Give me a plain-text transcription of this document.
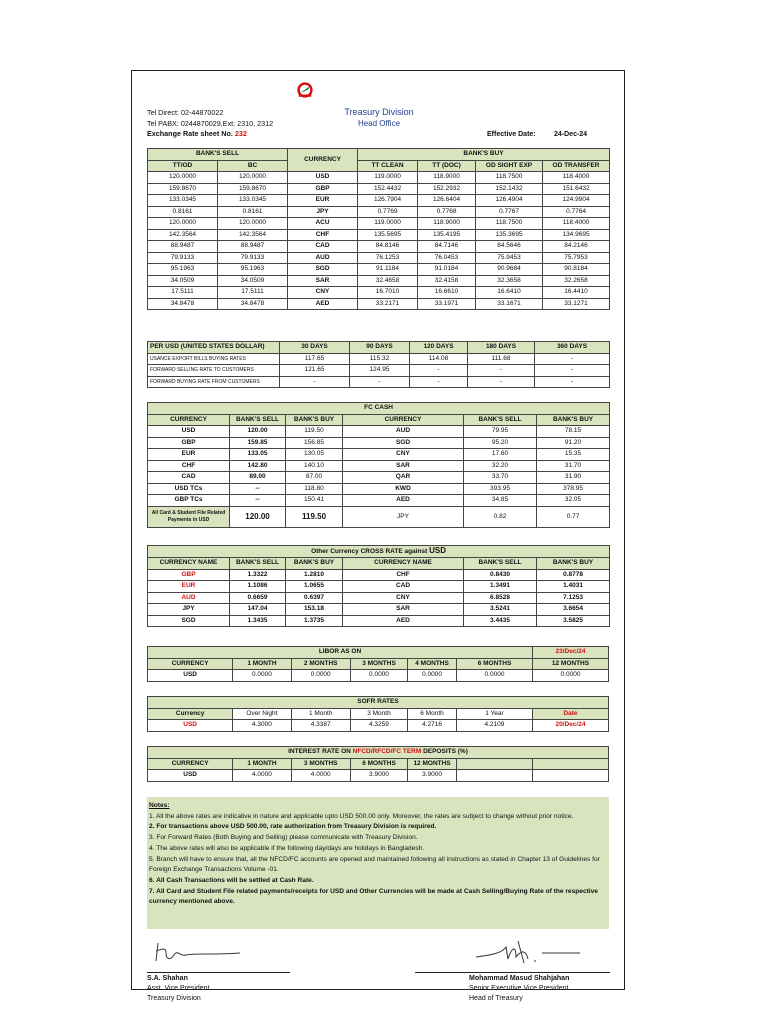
Tel Direct: 02-44870022
Tel PABX: 0244870029,Ext: 2310, 2312
Exchange Rate sheet No. 232
Treasury Division
Head Office
Effective Date:	24-Dec-24
BANK'S SELL		CURRENCY	BANK'S BUY			
TT/OD	BC		TT CLEAN	TT (DOC)	OD SIGHT EXP	OD TRANSFER
120.0000	120.0000	USD	119.0000	118.9000	118.7500	118.4000
159.8670	159.8670	GBP	152.4432	152.2932	152.1432	151.6432
133.0345	133.0345	EUR	126.7904	126.6404	126.4904	124.9904
0.8161	0.8161	JPY	0.7769	0.7768	0.7767	0.7764
120.0000	120.0000	ACU	119.0000	118.9000	118.7500	118.4000
142.3564	142.3564	CHF	135.5695	135.4195	135.3695	134.9695
88.9487	88.9487	CAD	84.8146	84.7146	84.5646	84.2146
79.9133	79.9133	AUD	76.1253	76.0453	75.9453	75.7953
95.1963	95.1963	SGD	91.1184	91.0184	90.9684	90.8184
34.0509	34.0509	SAR	32.4658	32.4158	32.3658	32.2658
17.5111	17.5111	CNY	16.7010	16.6610	16.6410	16.4410
34.8478	34.8478	AED	33.2171	33.1971	33.1671	33.1271
PER USD (UNITED STATES DOLLAR)	30 DAYS	90 DAYS	120 DAYS	180 DAYS	360 DAYS
USANCE EXPORT BILLS BUYING RATES	117.65	115.32	114.08	111.68	-
FORWARD SELLING RATE TO CUSTOMERS	121.65	124.95	-	-	-
FORWARD BUYING RATE FROM CUSTOMERS	-	-	-	-	-
FC CASH					
CURRENCY	BANK'S SELL	BANK'S BUY	CURRENCY	BANK'S SELL	BANK'S BUY
USD	120.00	119.50	AUD	79.95	78.15
GBP	159.85	156.85	SGD	95.20	91.20
EUR	133.05	130.05	CNY	17.60	15.35
CHF	142.80	140.10	SAR	32.20	31.70
CAD	89.00	87.00	QAR	33.70	31.90
USD TCs	--	118.80	KWD	393.95	378.95
GBP TCs	--	150.41	AED	34.85	32.05
All Card & Student File Related Payments in USD	120.00	119.50	JPY	0.82	0.77
Other Currency CROSS RATE against USD					
CURRENCY NAME	BANK'S SELL	BANK'S BUY	CURRENCY NAME	BANK'S SELL	BANK'S BUY
GBP	1.3322	1.2810	CHF	0.8430	0.8778
EUR	1.1086	1.0655	CAD	1.3491	1.4031
AUD	0.6659	0.6397	CNY	6.8528	7.1253
JPY	147.04	153.18	SAR	3.5241	3.6654
SGD	1.3435	1.3735	AED	3.4435	3.5825
LIBOR AS ON						23/Dec/24
CURRENCY	1 MONTH	2 MONTHS	3 MONTHS	4 MONTHS	6 MONTHS	12 MONTHS
USD	0.0000	0.0000	0.0000	0.0000	0.0000	0.0000
SOFR RATES						
Currency	Over Night	1 Month	3 Month	6 Month	1 Year	Date
USD	4.3000	4.3387	4.3259	4.2716	4.2109	20/Dec/24
INTEREST RATE ON NFCD/RFCD/FC TERM DEPOSITS (%)						
CURRENCY	1 MONTH	3 MONTHS	6 MONTHS	12 MONTHS		
USD	4.0000	4.0000	3.9000	3.9000		
Notes:
1. All the above rates are indicative in nature and applicable upto USD 500.00 only. Moreover, the rates are subject to change without prior notice.
2. For transactions above USD 500.00, rate authorization from Treasury Division is required.
3. For Forward Rates (Both Buying and Selling) please communicate with Treasury Division.
4. The above rates will also be applicable if the following day/days are holidays in Bangladesh.
5. Branch will have to ensure that, all the NFCD/FC accounts are opened and maintained following all instructions as stated in Chapter 13 of Guidelines for Foreign Exchange Transactions Volume -01.
6. All Cash Transactions will be settled at Cash Rate.
7. All Card and Student File related payments/receipts for USD and Other Currencies will be made at Cash Selling/Buying Rate of the respective currency mentioned above.
S.A. Shahan
Asst. Vice President
Treasury Division
Mohammad Masud Shahjahan
Senior Executive Vice President
Head of Treasury
